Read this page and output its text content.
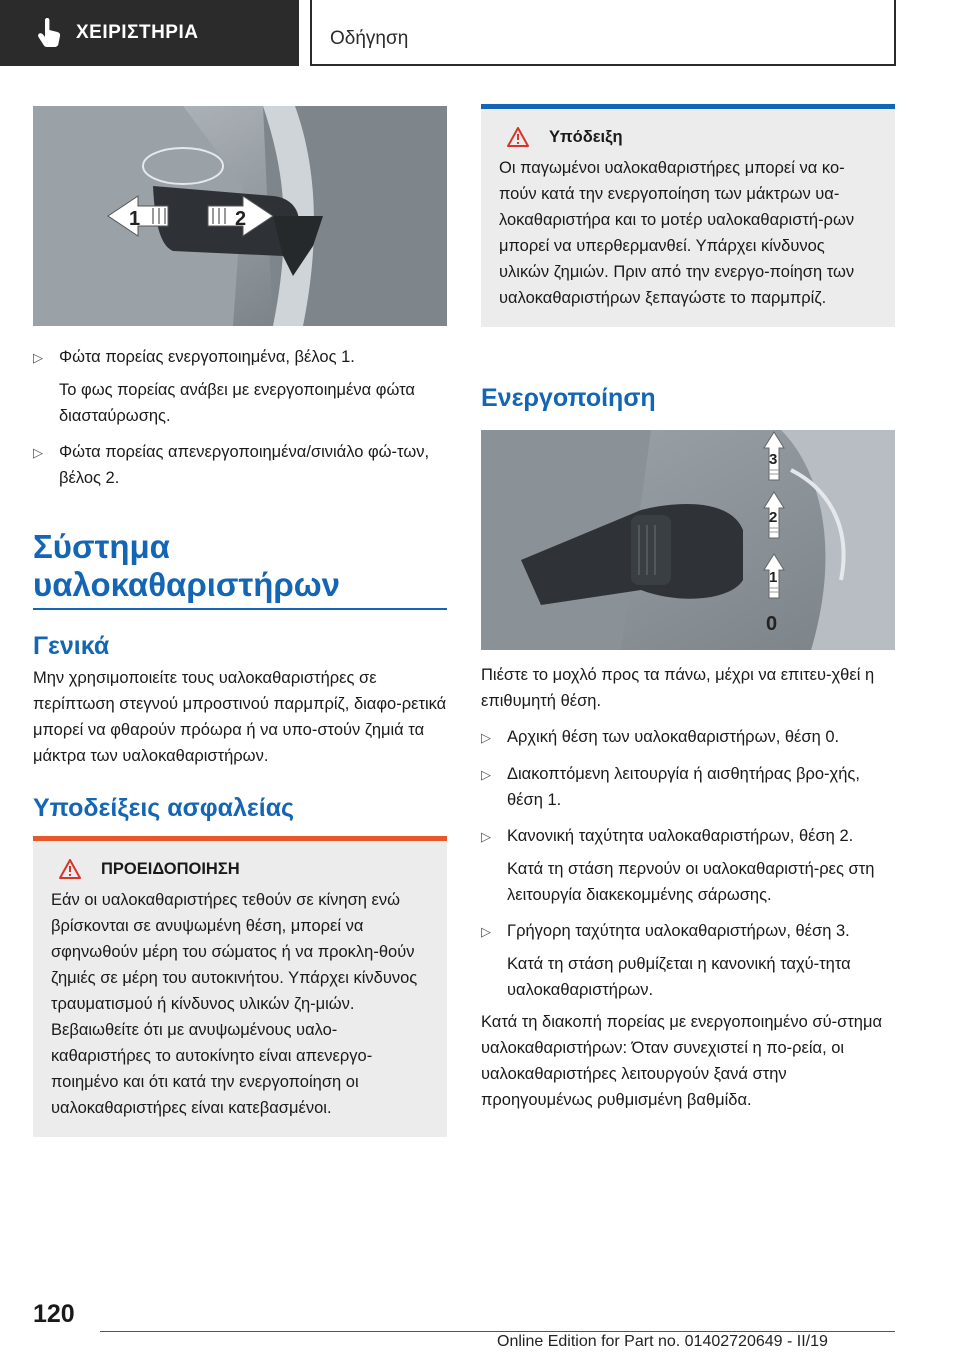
ΧΕΙΡΙΣΤΗΡΙΑ	Οδήγηση
1	2
▷ Φώτα πορείας ενεργοποιημένα, βέλος 1.
Το φως πορείας ανάβει με ενεργοποιημένα φώτα διασταύρωσης.
▷ Φώτα πορείας απενεργοποιημένα/σινιάλο φώ-των, βέλος 2.
Σύστημα
υαλοκαθαριστήρων
Γενικά
Μην χρησιμοποιείτε τους υαλοκαθαριστήρες σε περίπτωση στεγνού μπροστινού παρμπρίζ, διαφο-ρετικά μπορεί να φθαρούν πρόωρα ή να υπο-στούν ζημιά τα μάκτρα των υαλοκαθαριστήρων.
Υποδείξεις ασφαλείας
ΠΡΟΕΙΔΟΠΟΙΗΣΗ
Εάν οι υαλοκαθαριστήρες τεθούν σε κίνηση ενώ βρίσκονται σε ανυψωμένη θέση, μπορεί να σφηνωθούν μέρη του σώματος ή να προκλη-θούν ζημιές σε μέρη του αυτοκινήτου. Υπάρχει κίνδυνος τραυματισμού ή κίνδυνος υλικών ζη-μιών. Βεβαιωθείτε ότι με ανυψωμένους υαλο-καθαριστήρες το αυτοκίνητο είναι απενεργο-ποιημένο και ότι κατά την ενεργοποίηση οι υαλοκαθαριστήρες είναι κατεβασμένοι.
Υπόδειξη
Οι παγωμένοι υαλοκαθαριστήρες μπορεί να κο-πούν κατά την ενεργοποίηση των μάκτρων υα-λοκαθαριστήρα και το μοτέρ υαλοκαθαριστή-ρων μπορεί να υπερθερμανθεί. Υπάρχει κίνδυνος υλικών ζημιών. Πριν από την ενεργο-ποίηση των υαλοκαθαριστήρων ξεπαγώστε το παρμπρίζ.
Ενεργοποίηση
3
2
1
0
Πιέστε το μοχλό προς τα πάνω, μέχρι να επιτευ-χθεί η επιθυμητή θέση.
▷ Αρχική θέση των υαλοκαθαριστήρων, θέση 0.
▷ Διακοπτόμενη λειτουργία ή αισθητήρας βρο-χής, θέση 1.
▷ Κανονική ταχύτητα υαλοκαθαριστήρων, θέση 2.
Κατά τη στάση περνούν οι υαλοκαθαριστή-ρες στη λειτουργία διακεκομμένης σάρωσης.
▷ Γρήγορη ταχύτητα υαλοκαθαριστήρων, θέση 3.
Κατά τη στάση ρυθμίζεται η κανονική ταχύ-τητα υαλοκαθαριστήρων.
Κατά τη διακοπή πορείας με ενεργοποιημένο σύ-στημα υαλοκαθαριστήρων: Όταν συνεχιστεί η πο-ρεία, οι υαλοκαθαριστήρες λειτουργούν ξανά στην προηγουμένως ρυθμισμένη βαθμίδα.
120
Online Edition for Part no. 01402720649 - II/19
